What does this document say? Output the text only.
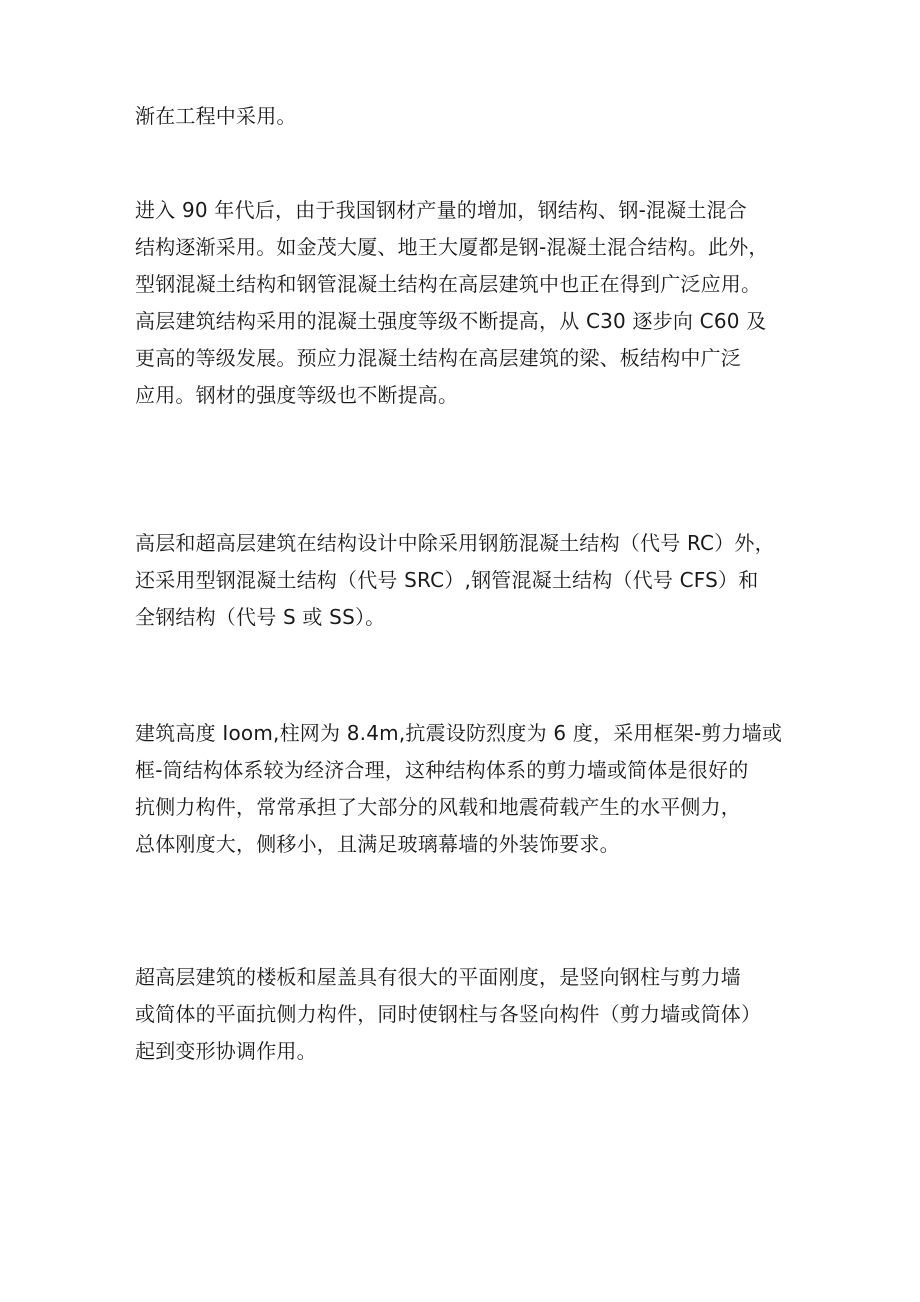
渐在工程中采用。
进入 90 年代后，由于我国钢材产量的增加，钢结构、钢-混凝土混合
结构逐渐采用。如金茂大厦、地王大厦都是钢-混凝土混合结构。此外，
型钢混凝土结构和钢管混凝土结构在高层建筑中也正在得到广泛应用。
高层建筑结构采用的混凝土强度等级不断提高，从 C30 逐步向 C60 及
更高的等级发展。预应力混凝土结构在高层建筑的梁、板结构中广泛
应用。钢材的强度等级也不断提高。
高层和超高层建筑在结构设计中除采用钢筋混凝土结构（代号 RC）外，
还采用型钢混凝土结构（代号 SRC）,钢管混凝土结构（代号 CFS）和
全钢结构（代号 S 或 SS）。
建筑高度 Ioom,柱网为 8.4m,抗震设防烈度为 6 度，采用框架-剪力墙或
框-筒结构体系较为经济合理，这种结构体系的剪力墙或简体是很好的
抗侧力构件，常常承担了大部分的风载和地震荷载产生的水平侧力，
总体刚度大，侧移小，且满足玻璃幕墙的外装饰要求。
超高层建筑的楼板和屋盖具有很大的平面刚度，是竖向钢柱与剪力墙
或简体的平面抗侧力构件，同时使钢柱与各竖向构件（剪力墙或筒体）
起到变形协调作用。
